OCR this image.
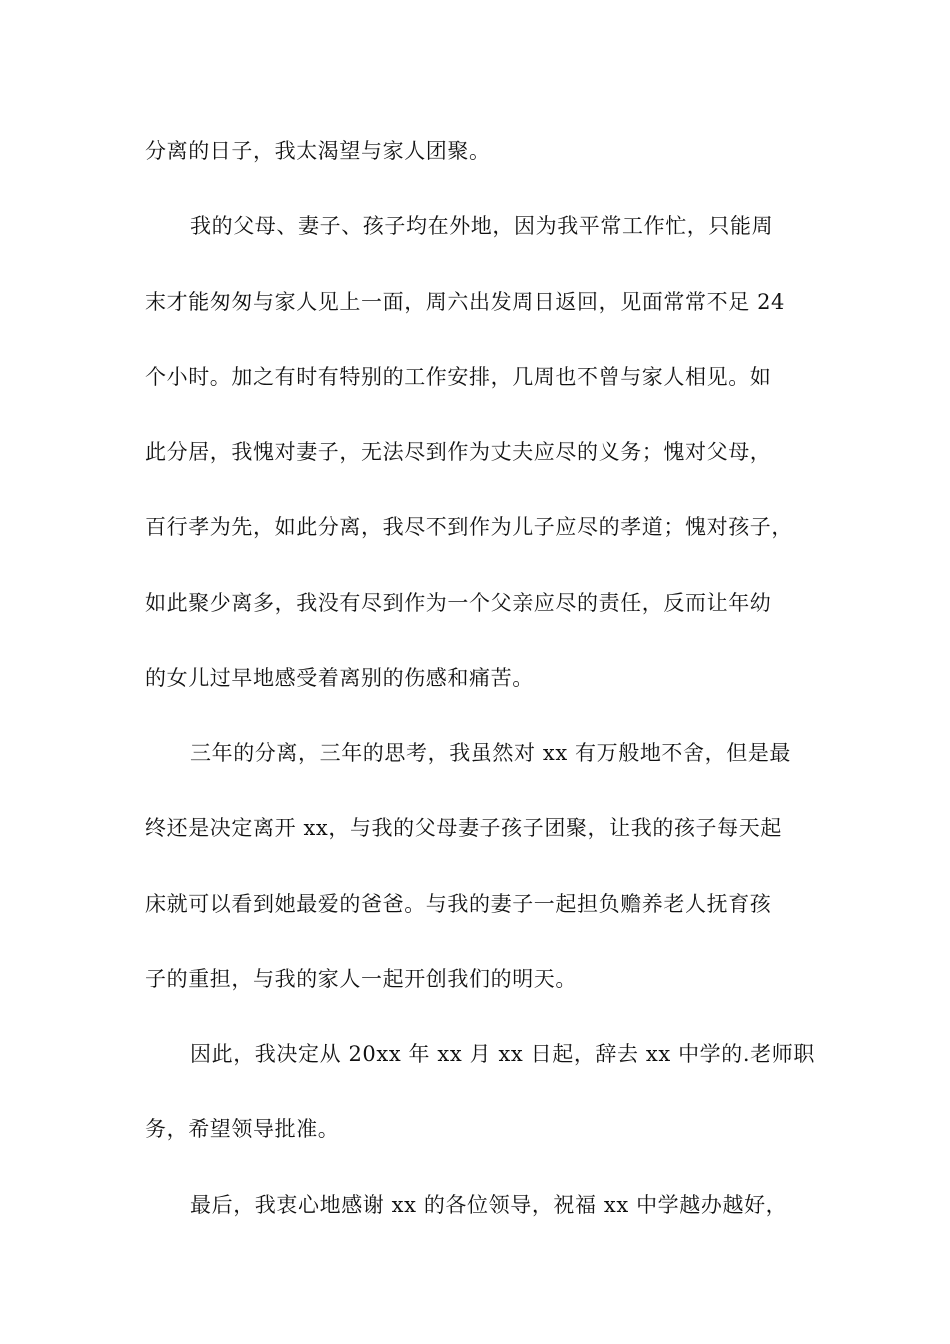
分离的日子，我太渴望与家人团聚。

我的父母、妻子、孩子均在外地，因为我平常工作忙，只能周

末才能匆匆与家人见上一面，周六出发周日返回，见面常常不足 24

个小时。加之有时有特别的工作安排，几周也不曾与家人相见。如

此分居，我愧对妻子，无法尽到作为丈夫应尽的义务；愧对父母，

百行孝为先，如此分离，我尽不到作为儿子应尽的孝道；愧对孩子，

如此聚少离多，我没有尽到作为一个父亲应尽的责任，反而让年幼

的女儿过早地感受着离别的伤感和痛苦。

三年的分离，三年的思考，我虽然对 xx 有万般地不舍，但是最

终还是决定离开 xx，与我的父母妻子孩子团聚，让我的孩子每天起

床就可以看到她最爱的爸爸。与我的妻子一起担负赡养老人抚育孩

子的重担，与我的家人一起开创我们的明天。

因此，我决定从 20xx 年 xx 月 xx 日起，辞去 xx 中学的.老师职

务，希望领导批准。

最后，我衷心地感谢 xx 的各位领导，祝福 xx 中学越办越好，
